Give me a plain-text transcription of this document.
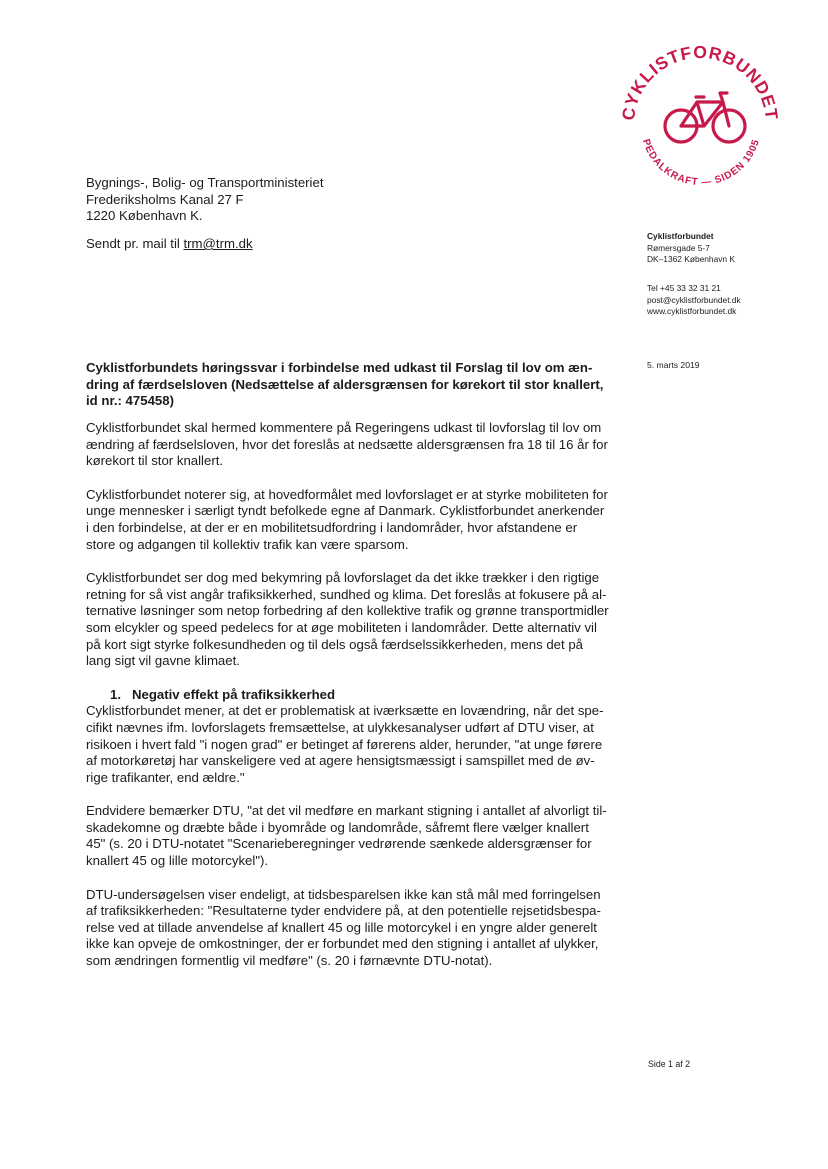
CYKLISTFORBUNDET
PEDALKRAFT — SIDEN 1905
Bygnings-, Bolig- og Transportministeriet
Frederiksholms Kanal 27 F
1220 København K.
Sendt pr. mail til trm@trm.dk	Cyklistforbundet
Rømersgade 5-7
DK–1362 København K
Tel +45 33 32 31 21
post@cyklistforbundet.dk
www.cyklistforbundet.dk
5. marts 2019
Cyklistforbundets høringssvar i forbindelse med udkast til Forslag til lov om æn-
dring af færdselsloven (Nedsættelse af aldersgrænsen for kørekort til stor knallert,
id nr.: 475458)

Cyklistforbundet skal hermed kommentere på Regeringens udkast til lovforslag til lov om
ændring af færdselsloven, hvor det foreslås at nedsætte aldersgrænsen fra 18 til 16 år for
kørekort til stor knallert.

Cyklistforbundet noterer sig, at hovedformålet med lovforslaget er at styrke mobiliteten for
unge mennesker i særligt tyndt befolkede egne af Danmark. Cyklistforbundet anerkender
i den forbindelse, at der er en mobilitetsudfordring i landområder, hvor afstandene er
store og adgangen til kollektiv trafik kan være sparsom.

Cyklistforbundet ser dog med bekymring på lovforslaget da det ikke trækker i den rigtige
retning for så vist angår trafiksikkerhed, sundhed og klima. Det foreslås at fokusere på al-
ternative løsninger som netop forbedring af den kollektive trafik og grønne transportmidler
som elcykler og speed pedelecs for at øge mobiliteten i landområder. Dette alternativ vil
på kort sigt styrke folkesundheden og til dels også færdselssikkerheden, mens det på
lang sigt vil gavne klimaet.

1. Negativ effekt på trafiksikkerhed

Cyklistforbundet mener, at det er problematisk at iværksætte en lovændring, når det spe-
cifikt nævnes ifm. lovforslagets fremsættelse, at ulykkesanalyser udført af DTU viser, at
risikoen i hvert fald "i nogen grad" er betinget af førerens alder, herunder, "at unge førere
af motorkøretøj har vanskeligere ved at agere hensigtsmæssigt i samspillet med de øv-
rige trafikanter, end ældre."

Endvidere bemærker DTU, "at det vil medføre en markant stigning i antallet af alvorligt til-
skadekomne og dræbte både i byområde og landområde, såfremt flere vælger knallert
45" (s. 20 i DTU-notatet "Scenarieberegninger vedrørende sænkede aldersgrænser for
knallert 45 og lille motorcykel").

DTU-undersøgelsen viser endeligt, at tidsbesparelsen ikke kan stå mål med forringelsen
af trafiksikkerheden: "Resultaterne tyder endvidere på, at den potentielle rejsetidsbespa-
relse ved at tillade anvendelse af knallert 45 og lille motorcykel i en yngre alder generelt
ikke kan opveje de omkostninger, der er forbundet med den stigning i antallet af ulykker,
som ændringen formentlig vil medføre" (s. 20 i førnævnte DTU-notat).

Side 1 af 2
